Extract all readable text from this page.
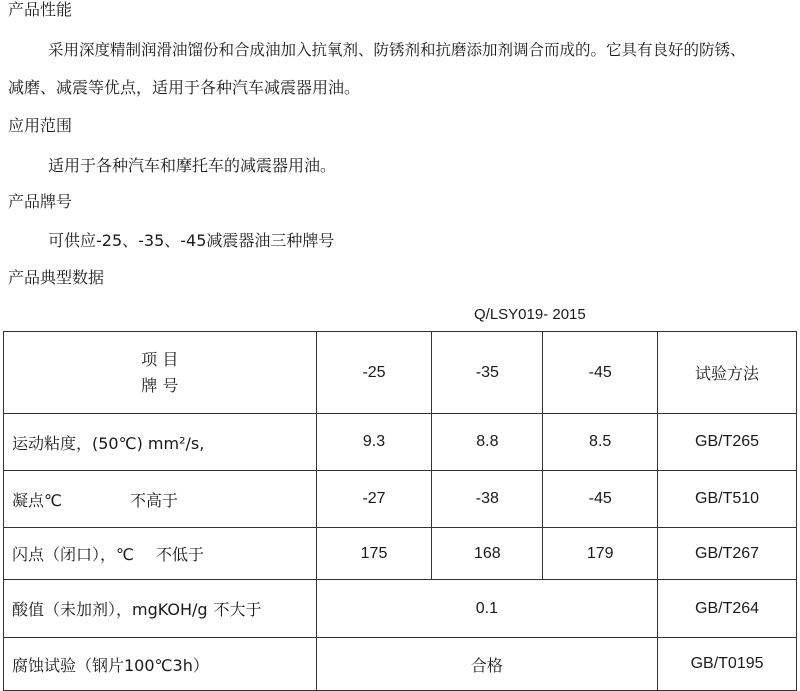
产品性能
采用深度精制润滑油馏份和合成油加入抗氧剂、防锈剂和抗磨添加剂调合而成的。它具有良好的防锈、
减磨、减震等优点，适用于各种汽车减震器用油。
应用范围
适用于各种汽车和摩托车的减震器用油。
产品牌号
可供应-25、-35、-45减震器油三种牌号
产品典型数据
Q/LSY019- 2015
项 目
牌 号	-25	-35	-45	试验方法
运动粘度，(50℃) mm²/s,	9.3	8.8	8.5	GB/T265
凝点℃ 不高于	-27	-38	-45	GB/T510
闪点（闭口），℃ 不低于	175	168	179	GB/T267
酸值（未加剂），mgKOH/g 不大于	0.1			GB/T264
腐蚀试验（钢片100℃3h）	合格			GB/T0195
